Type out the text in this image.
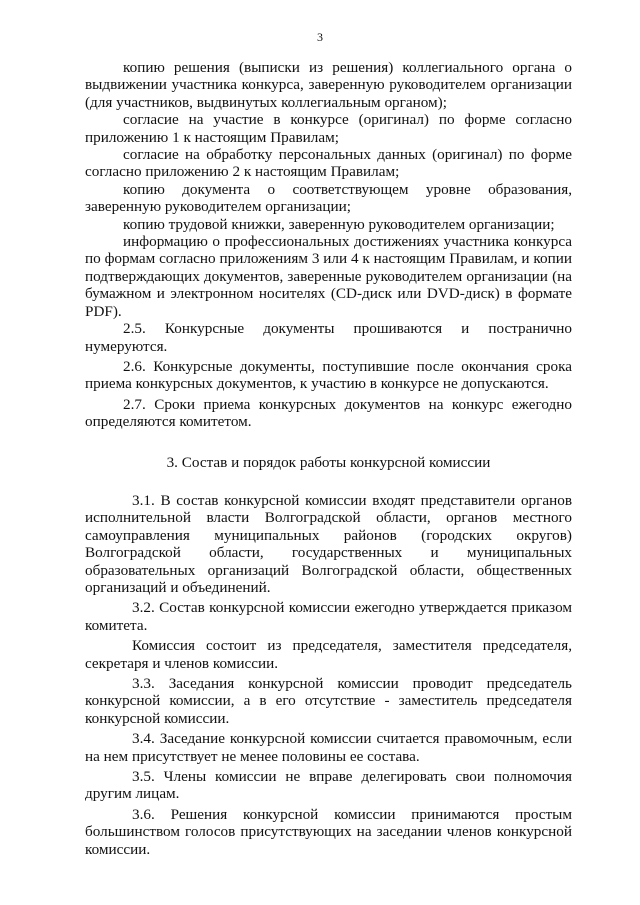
3

копию решения (выписки из решения) коллегиального органа о выдвижении участника конкурса, заверенную руководителем организации (для участников, выдвинутых коллегиальным органом);

согласие на участие в конкурсе (оригинал) по форме согласно приложению 1 к настоящим Правилам;

согласие на обработку персональных данных (оригинал) по форме согласно приложению 2 к настоящим Правилам;

копию документа о соответствующем уровне образования, заверенную руководителем организации;

копию трудовой книжки, заверенную руководителем организации;

информацию о профессиональных достижениях участника конкурса по формам согласно приложениям 3 или 4 к настоящим Правилам, и копии подтверждающих документов, заверенные руководителем организации (на бумажном и электронном носителях (CD-диск или DVD-диск) в формате PDF).

2.5. Конкурсные документы прошиваются и постранично нумеруются.

2.6. Конкурсные документы, поступившие после окончания срока приема конкурсных документов, к участию в конкурсе не допускаются.

2.7. Сроки приема конкурсных документов на конкурс ежегодно определяются комитетом.

3. Состав и порядок работы конкурсной комиссии

3.1. В состав конкурсной комиссии входят представители органов исполнительной власти Волгоградской области, органов местного самоуправления муниципальных районов (городских округов) Волгоградской области, государственных и муниципальных образовательных организаций Волгоградской области, общественных организаций и объединений.

3.2. Состав конкурсной комиссии ежегодно утверждается приказом комитета.

Комиссия состоит из председателя, заместителя председателя, секретаря и членов комиссии.

3.3. Заседания конкурсной комиссии проводит председатель конкурсной комиссии, а в его отсутствие - заместитель председателя конкурсной комиссии.

3.4. Заседание конкурсной комиссии считается правомочным, если на нем присутствует не менее половины ее состава.

3.5. Члены комиссии не вправе делегировать свои полномочия другим лицам.

3.6. Решения конкурсной комиссии принимаются простым большинством голосов присутствующих на заседании членов конкурсной комиссии.
